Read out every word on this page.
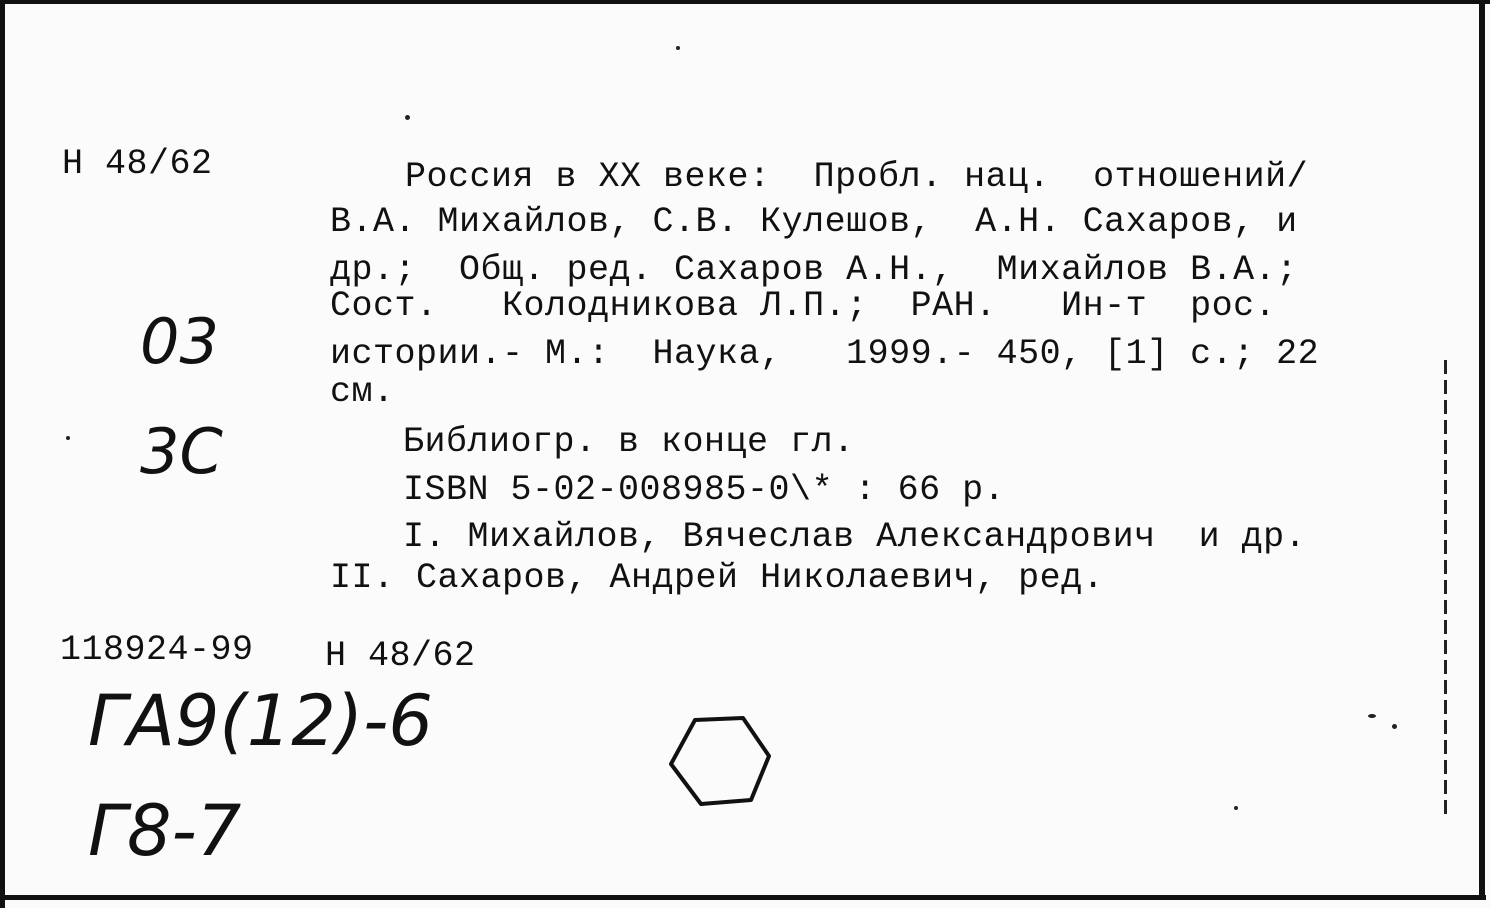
Н 48/62	Россия в XX веке:  Пробл. нац.  отношений/
В.А. Михайлов, С.В. Кулешов,  А.Н. Сахаров, и
др.;  Общ. ред. Сахаров А.Н.,  Михайлов В.А.;
Сост.   Колодникова Л.П.;  РАН.   Ин-т  рос.
истории.- М.:  Наука,   1999.- 450, [1] с.; 22
см.
Библиогр. в конце гл.
ISBN 5-02-008985-0\* : 66 р.
I. Михайлов, Вячеслав Александрович  и др.
II. Сахаров, Андрей Николаевич, ред.
118924-99 Н 48/62
03
3С
ГА9(12)-6
Г8-7
